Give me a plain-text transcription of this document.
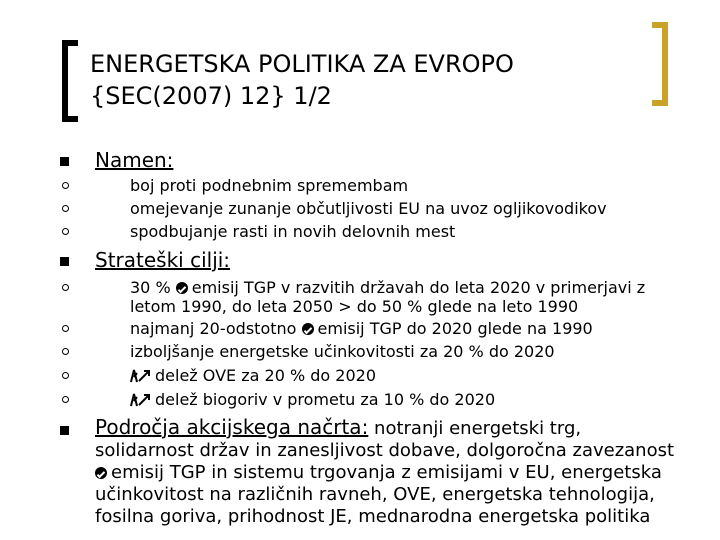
ENERGETSKA POLITIKA ZA EVROPO
{SEC(2007) 12} 1/2
Namen:
boj proti podnebnim spremembam
omejevanje zunanje občutljivosti EU na uvoz ogljikovodikov
spodbujanje rasti in novih delovnih mest
Strateški cilji:
30 % emisij TGP v razvitih državah do leta 2020 v primerjavi z
letom 1990, do leta 2050 > do 50 % glede na leto 1990
najmanj 20-odstotno emisij TGP do 2020 glede na 1990
izboljšanje energetske učinkovitosti za 20 % do 2020
delež OVE za 20 % do 2020
delež biogoriv v prometu za 10 % do 2020
Področja akcijskega načrta: notranji energetski trg,
solidarnost držav in zanesljivost dobave, dolgoročna zavezanost
emisij TGP in sistemu trgovanja z emisijami v EU, energetska
učinkovitost na različnih ravneh, OVE, energetska tehnologija,
fosilna goriva, prihodnost JE, mednarodna energetska politika
